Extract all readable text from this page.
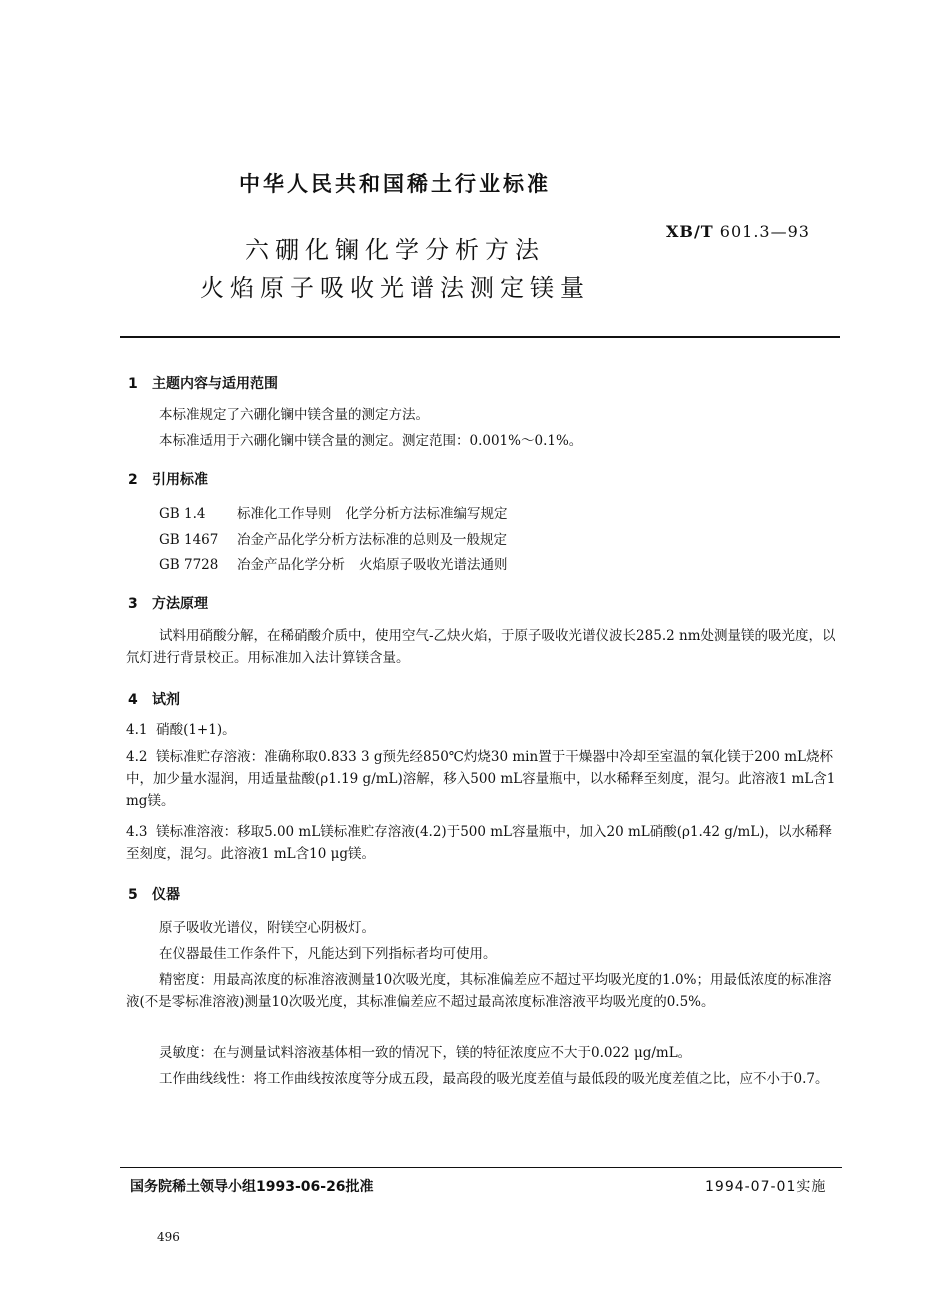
中华人民共和国稀土行业标准
XB/T 601.3—93
六硼化镧化学分析方法
火焰原子吸收光谱法测定镁量
1 主题内容与适用范围
本标准规定了六硼化镧中镁含量的测定方法。
本标准适用于六硼化镧中镁含量的测定。测定范围：0.001%～0.1%。
2 引用标准
GB 1.4 标准化工作导则 化学分析方法标准编写规定
GB 1467 冶金产品化学分析方法标准的总则及一般规定
GB 7728 冶金产品化学分析 火焰原子吸收光谱法通则
3 方法原理
试料用硝酸分解，在稀硝酸介质中，使用空气-乙炔火焰，于原子吸收光谱仪波长285.2 nm处测量镁的吸光度，以氘灯进行背景校正。用标准加入法计算镁含量。
4 试剂
4.1 硝酸(1+1)。
4.2 镁标准贮存溶液：准确称取0.833 3 g预先经850℃灼烧30 min置于干燥器中冷却至室温的氧化镁于200 mL烧杯中，加少量水湿润，用适量盐酸(ρ1.19 g/mL)溶解，移入500 mL容量瓶中，以水稀释至刻度，混匀。此溶液1 mL含1 mg镁。
4.3 镁标准溶液：移取5.00 mL镁标准贮存溶液(4.2)于500 mL容量瓶中，加入20 mL硝酸(ρ1.42 g/mL)，以水稀释至刻度，混匀。此溶液1 mL含10 μg镁。
5 仪器
原子吸收光谱仪，附镁空心阴极灯。
在仪器最佳工作条件下，凡能达到下列指标者均可使用。
精密度：用最高浓度的标准溶液测量10次吸光度，其标准偏差应不超过平均吸光度的1.0%；用最低浓度的标准溶液(不是零标准溶液)测量10次吸光度，其标准偏差应不超过最高浓度标准溶液平均吸光度的0.5%。
灵敏度：在与测量试料溶液基体相一致的情况下，镁的特征浓度应不大于0.022 μg/mL。
工作曲线线性：将工作曲线按浓度等分成五段，最高段的吸光度差值与最低段的吸光度差值之比，应不小于0.7。
国务院稀土领导小组1993-06-26批准	1994-07-01实施
496
